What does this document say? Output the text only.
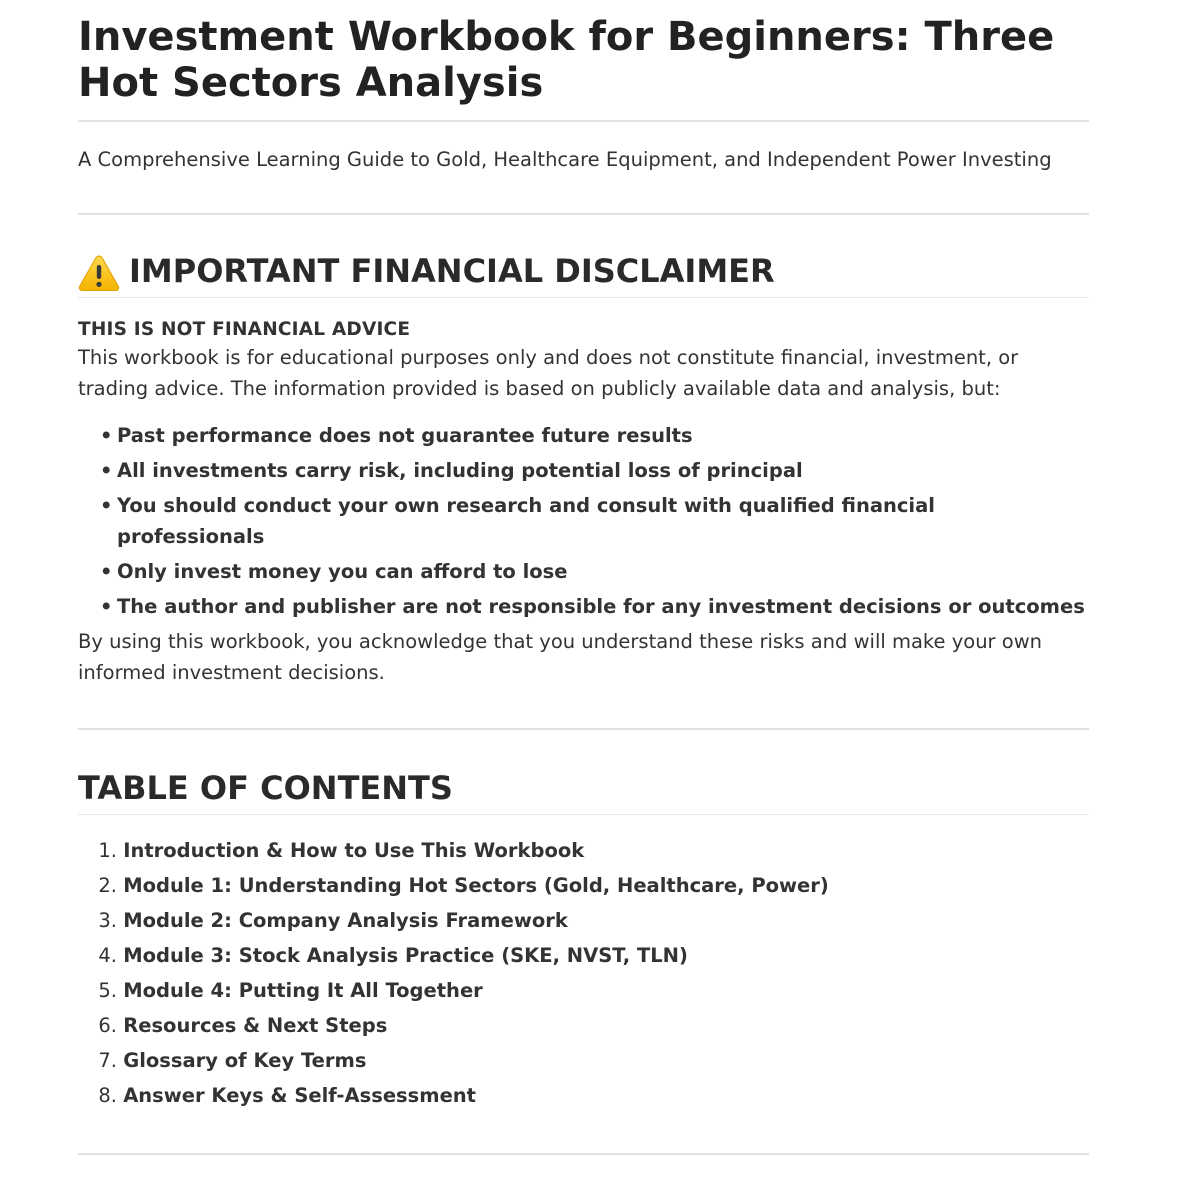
Investment Workbook for Beginners: Three Hot Sectors Analysis

A Comprehensive Learning Guide to Gold, Healthcare Equipment, and Independent Power Investing

IMPORTANT FINANCIAL DISCLAIMER
THIS IS NOT FINANCIAL ADVICE

This workbook is for educational purposes only and does not constitute financial, investment, or trading advice. The information provided is based on publicly available data and analysis, but:

• Past performance does not guarantee future results
• All investments carry risk, including potential loss of principal
• You should conduct your own research and consult with qualified financial professionals
• Only invest money you can afford to lose
• The author and publisher are not responsible for any investment decisions or outcomes

By using this workbook, you acknowledge that you understand these risks and will make your own informed investment decisions.

TABLE OF CONTENTS
1.
Introduction & How to Use This Workbook
2.
Module 1: Understanding Hot Sectors (Gold, Healthcare, Power)
3.
Module 2: Company Analysis Framework
4.
Module 3: Stock Analysis Practice (SKE, NVST, TLN)
5.
Module 4: Putting It All Together
6.
Resources & Next Steps
7.
Glossary of Key Terms
8.
Answer Keys & Self-Assessment
